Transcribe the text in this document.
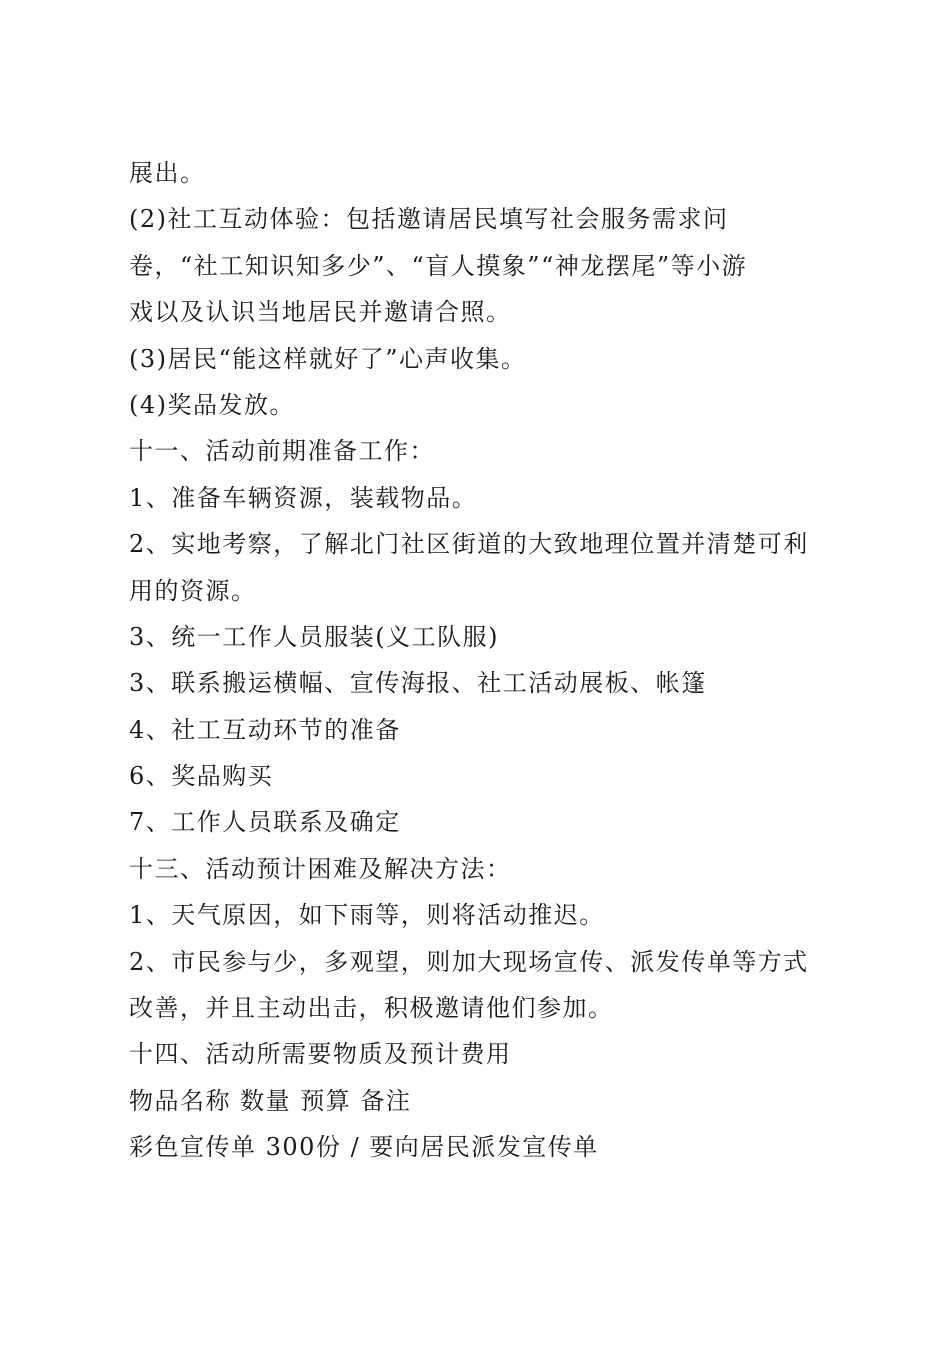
展出。
(2)社工互动体验：包括邀请居民填写社会服务需求问
卷，“社工知识知多少”、“盲人摸象”“神龙摆尾”等小游
戏以及认识当地居民并邀请合照。
(3)居民“能这样就好了”心声收集。
(4)奖品发放。
十一、活动前期准备工作：
1、准备车辆资源，装载物品。
2、实地考察，了解北门社区街道的大致地理位置并清楚可利
用的资源。
3、统一工作人员服装(义工队服)
3、联系搬运横幅、宣传海报、社工活动展板、帐篷
4、社工互动环节的准备
6、奖品购买
7、工作人员联系及确定
十三、活动预计困难及解决方法：
1、天气原因，如下雨等，则将活动推迟。
2、市民参与少，多观望，则加大现场宣传、派发传单等方式
改善，并且主动出击，积极邀请他们参加。
十四、活动所需要物质及预计费用
物品名称 数量 预算 备注
彩色宣传单 300份 / 要向居民派发宣传单
